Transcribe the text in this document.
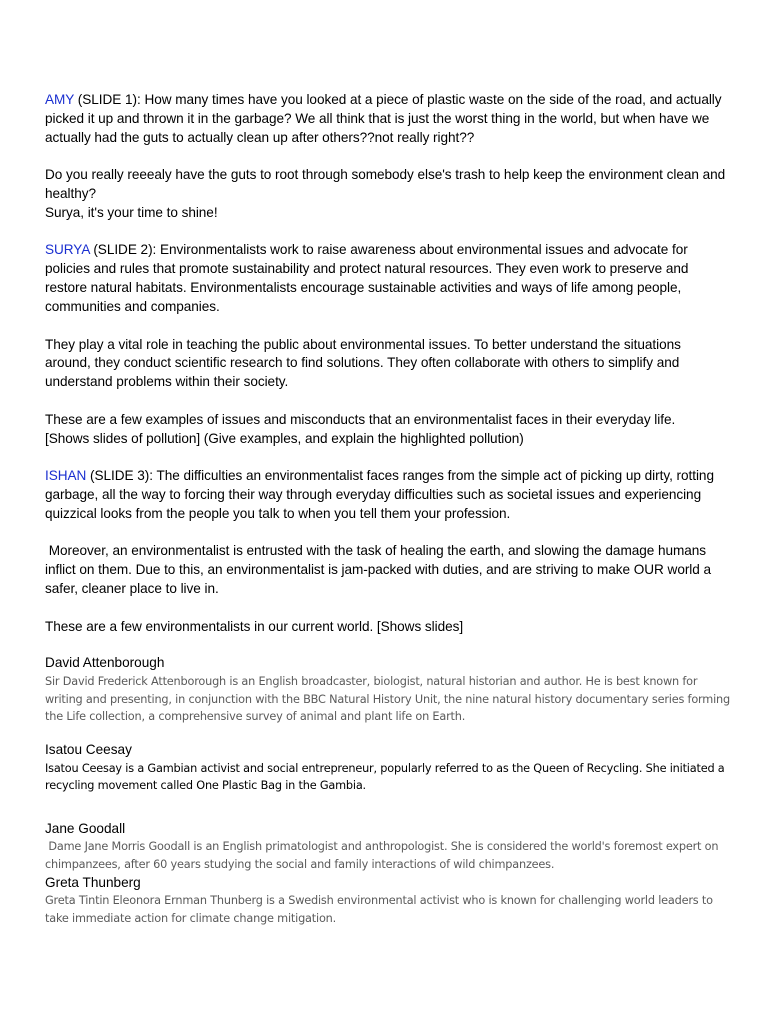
AMY (SLIDE 1): How many times have you looked at a piece of plastic waste on the side of the road, and actually picked it up and thrown it in the garbage? We all think that is just the worst thing in the world, but when have we actually had the guts to actually clean up after others??not really right??

Do you really reeealy have the guts to root through somebody else's trash to help keep the environment clean and healthy?
Surya, it's your time to shine!

SURYA (SLIDE 2): Environmentalists work to raise awareness about environmental issues and advocate for policies and rules that promote sustainability and protect natural resources. They even work to preserve and restore natural habitats. Environmentalists encourage sustainable activities and ways of life among people, communities and companies.

They play a vital role in teaching the public about environmental issues. To better understand the situations around, they conduct scientific research to find solutions. They often collaborate with others to simplify and understand problems within their society.

These are a few examples of issues and misconducts that an environmentalist faces in their everyday life.
[Shows slides of pollution] (Give examples, and explain the highlighted pollution)

ISHAN (SLIDE 3): The difficulties an environmentalist faces ranges from the simple act of picking up dirty, rotting garbage, all the way to forcing their way through everyday difficulties such as societal issues and experiencing quizzical looks from the people you talk to when you tell them your profession.

Moreover, an environmentalist is entrusted with the task of healing the earth, and slowing the damage humans inflict on them. Due to this, an environmentalist is jam-packed with duties, and are striving to make OUR world a safer, cleaner place to live in.

These are a few environmentalists in our current world. [Shows slides]

David Attenborough

Sir David Frederick Attenborough is an English broadcaster, biologist, natural historian and author. He is best known for writing and presenting, in conjunction with the BBC Natural History Unit, the nine natural history documentary series forming the Life collection, a comprehensive survey of animal and plant life on Earth.

Isatou Ceesay

Isatou Ceesay is a Gambian activist and social entrepreneur, popularly referred to as the Queen of Recycling. She initiated a recycling movement called One Plastic Bag in the Gambia.

Jane Goodall

Dame Jane Morris Goodall is an English primatologist and anthropologist. She is considered the world's foremost expert on chimpanzees, after 60 years studying the social and family interactions of wild chimpanzees.

Greta Thunberg

Greta Tintin Eleonora Ernman Thunberg is a Swedish environmental activist who is known for challenging world leaders to take immediate action for climate change mitigation.
